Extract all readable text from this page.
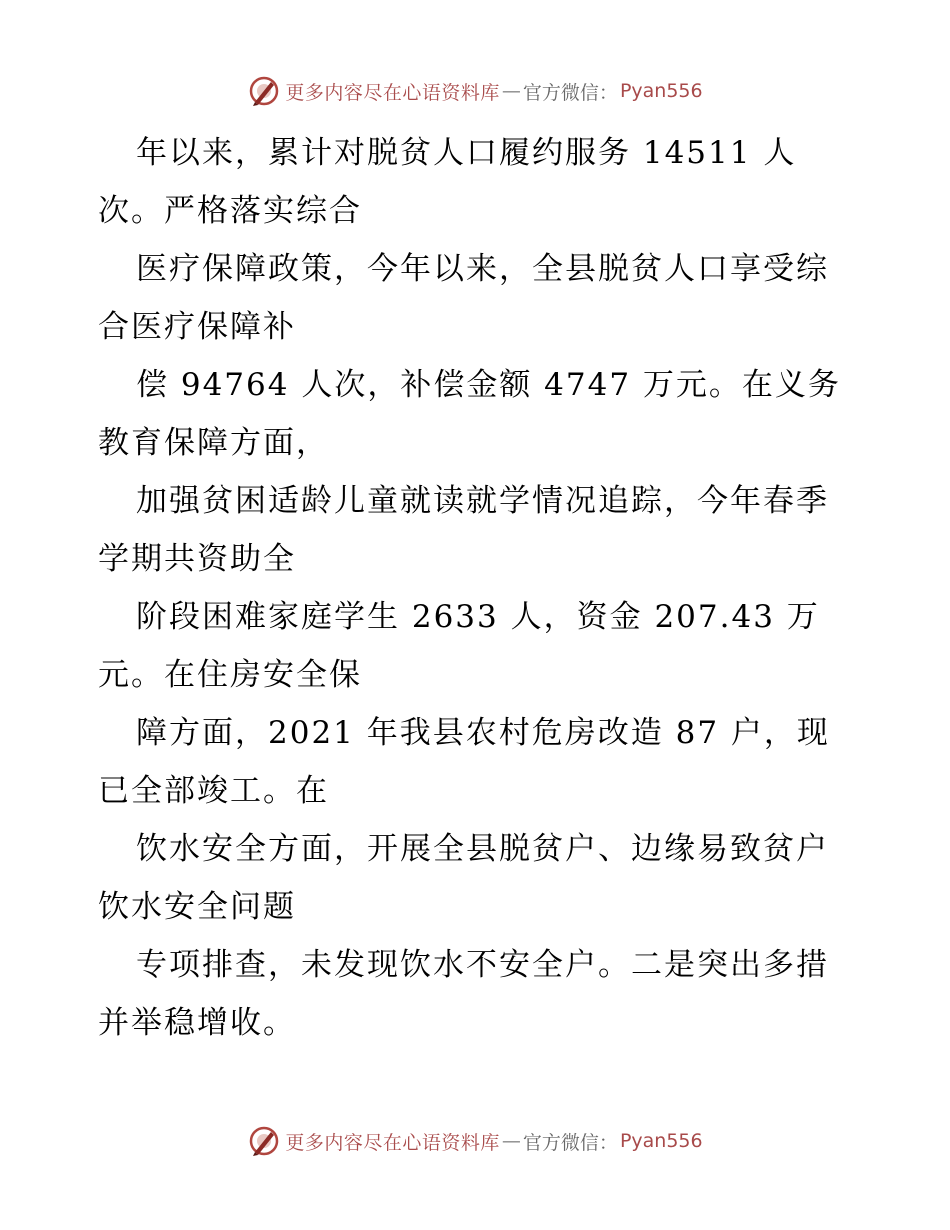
更多内容尽在心语资料库 — 官方微信： Pyan556
年以来，累计对脱贫人口履约服务 14511 人
次。严格落实综合
医疗保障政策，今年以来，全县脱贫人口享受综
合医疗保障补
偿 94764 人次，补偿金额 4747 万元。在义务
教育保障方面，
加强贫困适龄儿童就读就学情况追踪，今年春季
学期共资助全
阶段困难家庭学生 2633 人，资金 207.43 万
元。在住房安全保
障方面，2021 年我县农村危房改造 87 户，现
已全部竣工。在
饮水安全方面，开展全县脱贫户、边缘易致贫户
饮水安全问题
专项排查，未发现饮水不安全户。二是突出多措
并举稳增收。
更多内容尽在心语资料库 — 官方微信： Pyan556
